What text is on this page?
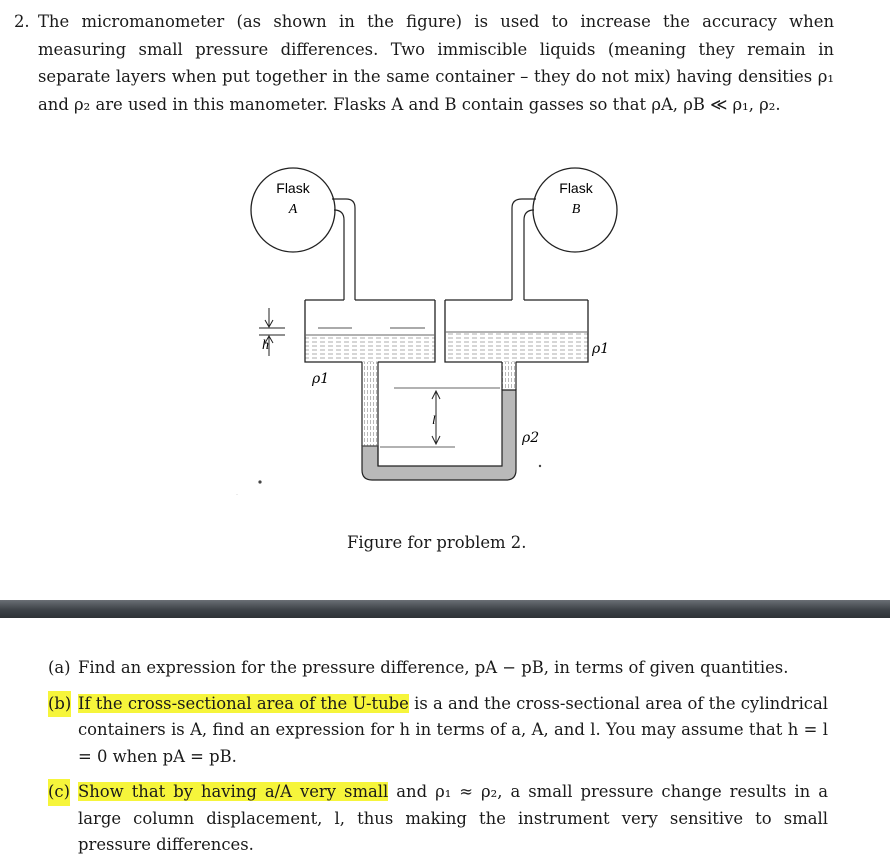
2. The micromanometer (as shown in the figure) is used to increase the accuracy when measuring small pressure differences. Two immiscible liquids (meaning they remain in separate layers when put together in the same container – they do not mix) having densities ρ₁ and ρ₂ are used in this manometer. Flasks A and B contain gasses so that ρA, ρB ≪ ρ₁, ρ₂.
Flask
A
Flask
B
h
l
ρ1
ρ1
ρ2
Figure for problem 2.
(a) Find an expression for the pressure difference, pA − pB, in terms of given quantities.
(b) If the cross-sectional area of the U-tube is a and the cross-sectional area of the cylindrical containers is A, find an expression for h in terms of a, A, and l. You may assume that h = l = 0 when pA = pB.
(c) Show that by having a/A very small and ρ₁ ≈ ρ₂, a small pressure change results in a large column displacement, l, thus making the instrument very sensitive to small pressure differences.
